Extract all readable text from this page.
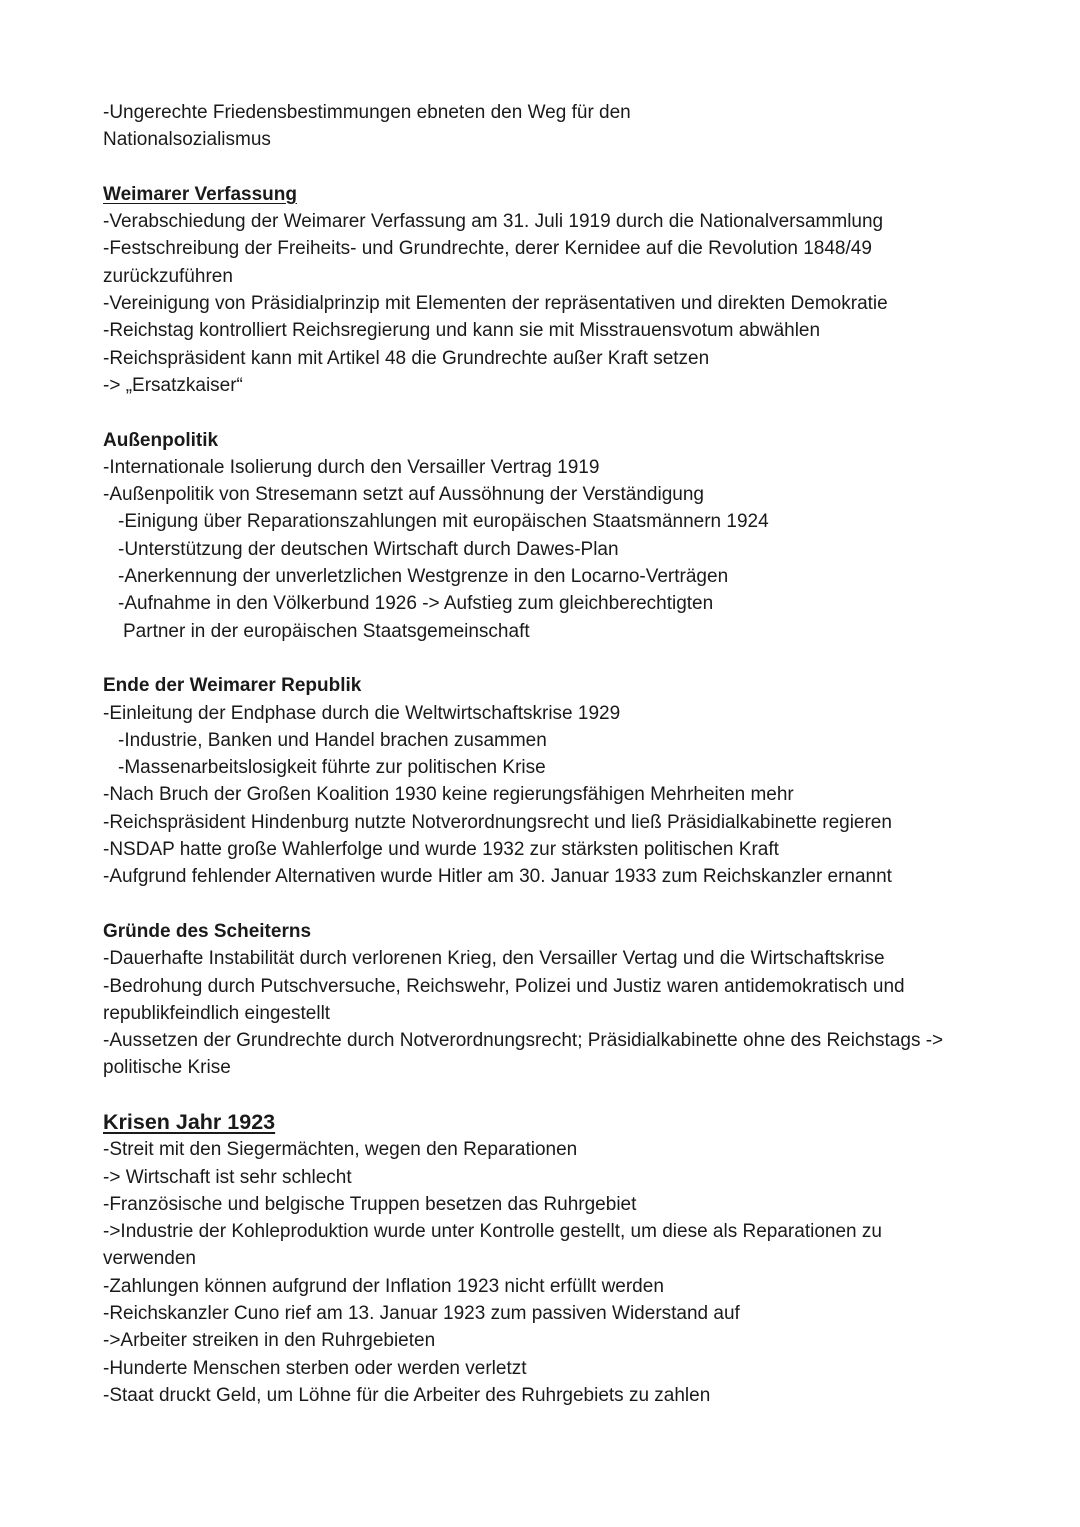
-Ungerechte Friedensbestimmungen ebneten den Weg für den
Nationalsozialismus
Weimarer Verfassung
-Verabschiedung der Weimarer Verfassung am 31. Juli 1919 durch die Nationalversammlung
-Festschreibung der Freiheits- und Grundrechte, derer Kernidee auf die Revolution 1848/49
zurückzuführen
-Vereinigung von Präsidialprinzip mit Elementen der repräsentativen und direkten Demokratie
-Reichstag kontrolliert Reichsregierung und kann sie mit Misstrauensvotum abwählen
-Reichspräsident kann mit Artikel 48 die Grundrechte außer Kraft setzen
-> „Ersatzkaiser“
Außenpolitik
-Internationale Isolierung durch den Versailler Vertrag 1919
-Außenpolitik von Stresemann setzt auf Aussöhnung der Verständigung
-Einigung über Reparationszahlungen mit europäischen Staatsmännern 1924
-Unterstützung der deutschen Wirtschaft durch Dawes-Plan
-Anerkennung der unverletzlichen Westgrenze in den Locarno-Verträgen
-Aufnahme in den Völkerbund 1926 -> Aufstieg zum gleichberechtigten
Partner in der europäischen Staatsgemeinschaft
Ende der Weimarer Republik
-Einleitung der Endphase durch die Weltwirtschaftskrise 1929
-Industrie, Banken und Handel brachen zusammen
-Massenarbeitslosigkeit führte zur politischen Krise
-Nach Bruch der Großen Koalition 1930 keine regierungsfähigen Mehrheiten mehr
-Reichspräsident Hindenburg nutzte Notverordnungsrecht und ließ Präsidialkabinette regieren
-NSDAP hatte große Wahlerfolge und wurde 1932 zur stärksten politischen Kraft
-Aufgrund fehlender Alternativen wurde Hitler am 30. Januar 1933 zum Reichskanzler ernannt
Gründe des Scheiterns
-Dauerhafte Instabilität durch verlorenen Krieg, den Versailler Vertag und die Wirtschaftskrise
-Bedrohung durch Putschversuche, Reichswehr, Polizei und Justiz waren antidemokratisch und
republikfeindlich eingestellt
-Aussetzen der Grundrechte durch Notverordnungsrecht; Präsidialkabinette ohne des Reichstags ->
politische Krise
Krisen Jahr 1923
-Streit mit den Siegermächten, wegen den Reparationen
-> Wirtschaft ist sehr schlecht
-Französische und belgische Truppen besetzen das Ruhrgebiet
->Industrie der Kohleproduktion wurde unter Kontrolle gestellt, um diese als Reparationen zu
verwenden
-Zahlungen können aufgrund der Inflation 1923 nicht erfüllt werden
-Reichskanzler Cuno rief am 13. Januar 1923 zum passiven Widerstand auf
->Arbeiter streiken in den Ruhrgebieten
-Hunderte Menschen sterben oder werden verletzt
-Staat druckt Geld, um Löhne für die Arbeiter des Ruhrgebiets zu zahlen
